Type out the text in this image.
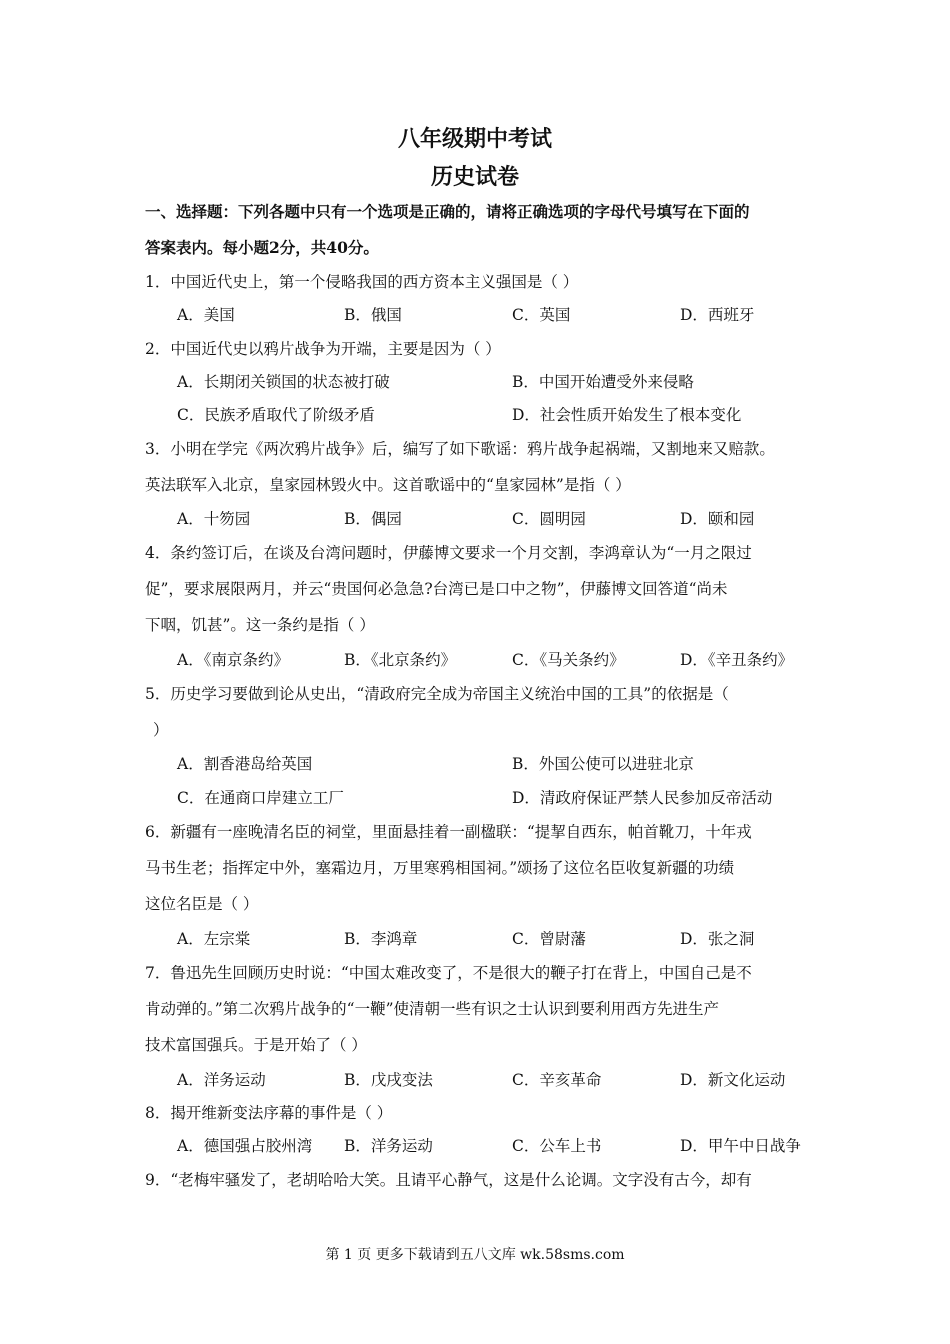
八年级期中考试
历史试卷
一、选择题：下列各题中只有一个选项是正确的，请将正确选项的字母代号填写在下面的
答案表内。每小题2分，共40分。
1．中国近代史上，第一个侵略我国的西方资本主义强国是（ ）
A．美国	B．俄国	C．英国	D．西班牙
2．中国近代史以鸦片战争为开端，主要是因为（ ）
A．长期闭关锁国的状态被打破	B．中国开始遭受外来侵略
C．民族矛盾取代了阶级矛盾	D．社会性质开始发生了根本变化
3．小明在学完《两次鸦片战争》后，编写了如下歌谣：鸦片战争起祸端，又割地来又赔款。
英法联军入北京，皇家园林毁火中。这首歌谣中的“皇家园林”是指（ ）
A．十笏园	B．偶园	C．圆明园	D．颐和园
4．条约签订后，在谈及台湾问题时，伊藤博文要求一个月交割，李鸿章认为“一月之限过
促”，要求展限两月，并云“贵国何必急急?台湾已是口中之物”，伊藤博文回答道“尚未
下咽，饥甚”。这一条约是指（ ）
A．《南京条约》	B．《北京条约》	C．《马关条约》	D．《辛丑条约》
5．历史学习要做到论从史出，“清政府完全成为帝国主义统治中国的工具”的依据是（
）
A．割香港岛给英国	B．外国公使可以进驻北京
C．在通商口岸建立工厂	D．清政府保证严禁人民参加反帝活动
6．新疆有一座晚清名臣的祠堂，里面悬挂着一副楹联：“提挈自西东，帕首靴刀，十年戎
马书生老；指挥定中外，塞霜边月，万里寒鸦相国祠。”颂扬了这位名臣收复新疆的功绩
这位名臣是（ ）
A．左宗棠	B．李鸿章	C．曾尉藩	D．张之洞
7．鲁迅先生回顾历史时说：“中国太难改变了，不是很大的鞭子打在背上，中国自己是不
肯动弹的。”第二次鸦片战争的“一鞭”使清朝一些有识之士认识到要利用西方先进生产
技术富国强兵。于是开始了（ ）
A．洋务运动	B．戊戌变法	C．辛亥革命	D．新文化运动
8．揭开维新变法序幕的事件是（ ）
A．德国强占胶州湾 B．洋务运动	C．公车上书	D．甲午中日战争
9．“老梅牢骚发了，老胡哈哈大笑。且请平心静气，这是什么论调。文字没有古今，却有
第 1 页 更多下载请到五八文库 wk.58sms.com
